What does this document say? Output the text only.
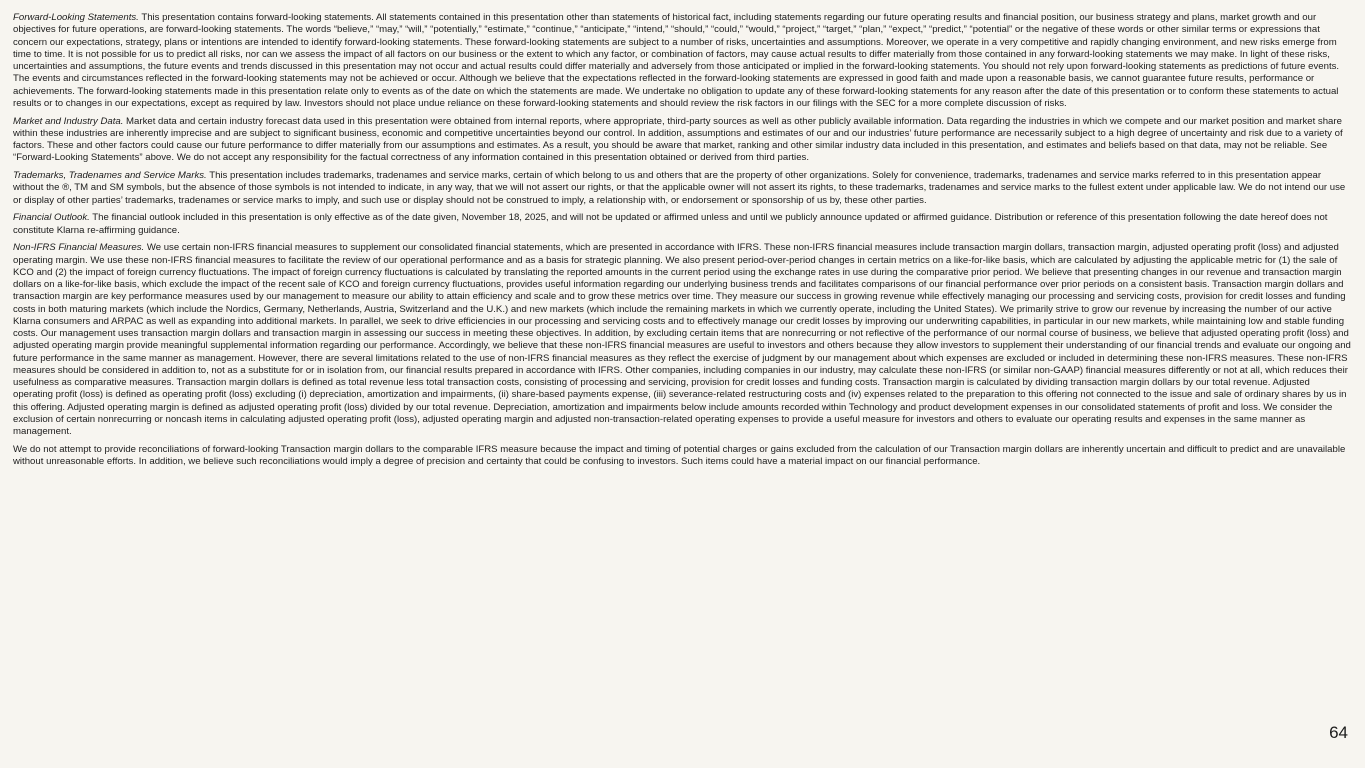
Forward-Looking Statements. This presentation contains forward-looking statements. All statements contained in this presentation other than statements of historical fact, including statements regarding our future operating results and financial position, our business strategy and plans, market growth and our objectives for future operations, are forward-looking statements. The words “believe,” “may,” “will,” “potentially,” “estimate,” “continue,” “anticipate,” “intend,” “should,” “could,” “would,” “project,” “target,” “plan,” “expect,” “predict,” “potential” or the negative of these words or other similar terms or expressions that concern our expectations, strategy, plans or intentions are intended to identify forward-looking statements. These forward-looking statements are subject to a number of risks, uncertainties and assumptions. Moreover, we operate in a very competitive and rapidly changing environment, and new risks emerge from time to time. It is not possible for us to predict all risks, nor can we assess the impact of all factors on our business or the extent to which any factor, or combination of factors, may cause actual results to differ materially from those contained in any forward-looking statements we may make. In light of these risks, uncertainties and assumptions, the future events and trends discussed in this presentation may not occur and actual results could differ materially and adversely from those anticipated or implied in the forward-looking statements. You should not rely upon forward-looking statements as predictions of future events. The events and circumstances reflected in the forward-looking statements may not be achieved or occur. Although we believe that the expectations reflected in the forward-looking statements are expressed in good faith and made upon a reasonable basis, we cannot guarantee future results, performance or achievements. The forward-looking statements made in this presentation relate only to events as of the date on which the statements are made. We undertake no obligation to update any of these forward-looking statements for any reason after the date of this presentation or to conform these statements to actual results or to changes in our expectations, except as required by law. Investors should not place undue reliance on these forward-looking statements and should review the risk factors in our filings with the SEC for a more complete discussion of risks.

Market and Industry Data. Market data and certain industry forecast data used in this presentation were obtained from internal reports, where appropriate, third-party sources as well as other publicly available information. Data regarding the industries in which we compete and our market position and market share within these industries are inherently imprecise and are subject to significant business, economic and competitive uncertainties beyond our control. In addition, assumptions and estimates of our and our industries’ future performance are necessarily subject to a high degree of uncertainty and risk due to a variety of factors. These and other factors could cause our future performance to differ materially from our assumptions and estimates. As a result, you should be aware that market, ranking and other similar industry data included in this presentation, and estimates and beliefs based on that data, may not be reliable. See “Forward-Looking Statements” above. We do not accept any responsibility for the factual correctness of any information contained in this presentation obtained or derived from third parties.

Trademarks, Tradenames and Service Marks. This presentation includes trademarks, tradenames and service marks, certain of which belong to us and others that are the property of other organizations. Solely for convenience, trademarks, tradenames and service marks referred to in this presentation appear without the ®, TM and SM symbols, but the absence of those symbols is not intended to indicate, in any way, that we will not assert our rights, or that the applicable owner will not assert its rights, to these trademarks, tradenames and service marks to the fullest extent under applicable law. We do not intend our use or display of other parties’ trademarks, tradenames or service marks to imply, and such use or display should not be construed to imply, a relationship with, or endorsement or sponsorship of us by, these other parties.

Financial Outlook. The financial outlook included in this presentation is only effective as of the date given, November 18, 2025, and will not be updated or affirmed unless and until we publicly announce updated or affirmed guidance. Distribution or reference of this presentation following the date hereof does not constitute Klarna re-affirming guidance.

Non-IFRS Financial Measures. We use certain non-IFRS financial measures to supplement our consolidated financial statements, which are presented in accordance with IFRS. These non-IFRS financial measures include transaction margin dollars, transaction margin, adjusted operating profit (loss) and adjusted operating margin. We use these non-IFRS financial measures to facilitate the review of our operational performance and as a basis for strategic planning. We also present period-over-period changes in certain metrics on a like-for-like basis, which are calculated by adjusting the applicable metric for (1) the sale of KCO and (2) the impact of foreign currency fluctuations. The impact of foreign currency fluctuations is calculated by translating the reported amounts in the current period using the exchange rates in use during the comparative prior period. We believe that presenting changes in our revenue and transaction margin dollars on a like-for-like basis, which exclude the impact of the recent sale of KCO and foreign currency fluctuations, provides useful information regarding our underlying business trends and facilitates comparisons of our financial performance over prior periods on a consistent basis. Transaction margin dollars and transaction margin are key performance measures used by our management to measure our ability to attain efficiency and scale and to grow these metrics over time. They measure our success in growing revenue while effectively managing our processing and servicing costs, provision for credit losses and funding costs in both maturing markets (which include the Nordics, Germany, Netherlands, Austria, Switzerland and the U.K.) and new markets (which include the remaining markets in which we currently operate, including the United States). We primarily strive to grow our revenue by increasing the number of our active Klarna consumers and ARPAC as well as expanding into additional markets. In parallel, we seek to drive efficiencies in our processing and servicing costs and to effectively manage our credit losses by improving our underwriting capabilities, in particular in our new markets, while maintaining low and stable funding costs. Our management uses transaction margin dollars and transaction margin in assessing our success in meeting these objectives. In addition, by excluding certain items that are nonrecurring or not reflective of the performance of our normal course of business, we believe that adjusted operating profit (loss) and adjusted operating margin provide meaningful supplemental information regarding our performance. Accordingly, we believe that these non-IFRS financial measures are useful to investors and others because they allow investors to supplement their understanding of our financial trends and evaluate our ongoing and future performance in the same manner as management. However, there are several limitations related to the use of non-IFRS financial measures as they reflect the exercise of judgment by our management about which expenses are excluded or included in determining these non-IFRS measures. These non-IFRS measures should be considered in addition to, not as a substitute for or in isolation from, our financial results prepared in accordance with IFRS. Other companies, including companies in our industry, may calculate these non-IFRS (or similar non-GAAP) financial measures differently or not at all, which reduces their usefulness as comparative measures. Transaction margin dollars is defined as total revenue less total transaction costs, consisting of processing and servicing, provision for credit losses and funding costs. Transaction margin is calculated by dividing transaction margin dollars by our total revenue. Adjusted operating profit (loss) is defined as operating profit (loss) excluding (i) depreciation, amortization and impairments, (ii) share-based payments expense, (iii) severance-related restructuring costs and (iv) expenses related to the preparation to this offering not connected to the issue and sale of ordinary shares by us in this offering. Adjusted operating margin is defined as adjusted operating profit (loss) divided by our total revenue. Depreciation, amortization and impairments below include amounts recorded within Technology and product development expenses in our consolidated statements of profit and loss. We consider the exclusion of certain nonrecurring or noncash items in calculating adjusted operating profit (loss), adjusted operating margin and adjusted non-transaction-related operating expenses to provide a useful measure for investors and others to evaluate our operating results and expenses in the same manner as management.

We do not attempt to provide reconciliations of forward-looking Transaction margin dollars to the comparable IFRS measure because the impact and timing of potential charges or gains excluded from the calculation of our Transaction margin dollars are inherently uncertain and difficult to predict and are unavailable without unreasonable efforts. In addition, we believe such reconciliations would imply a degree of precision and certainty that could be confusing to investors. Such items could have a material impact on our financial performance.

64
